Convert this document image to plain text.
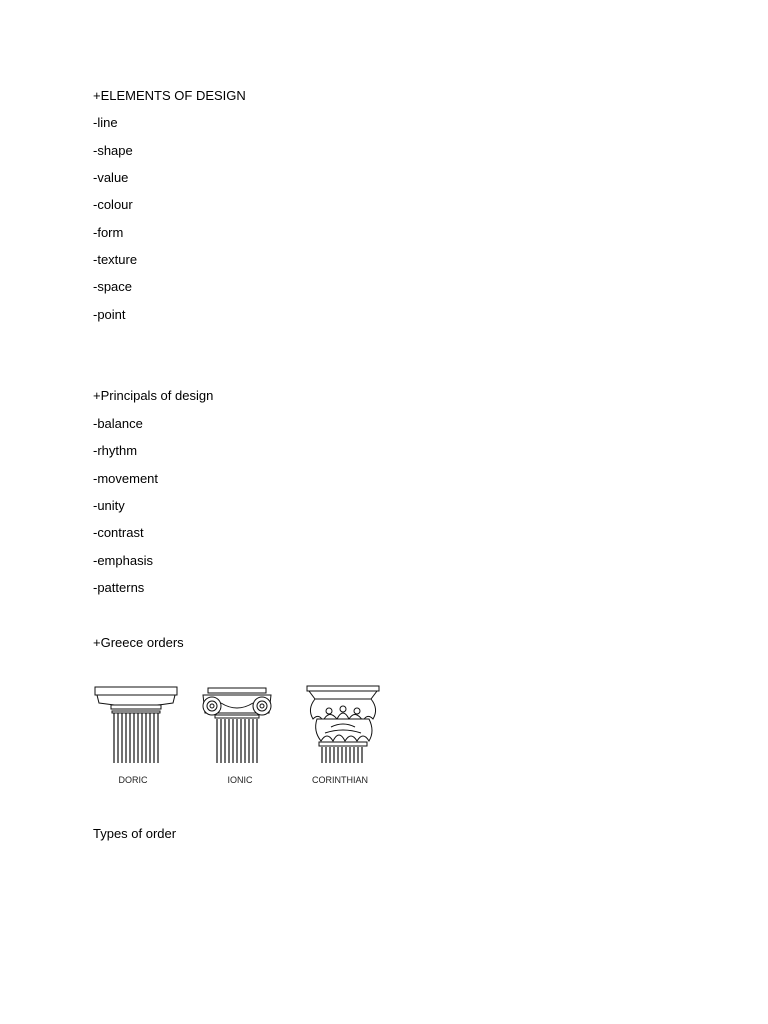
+ELEMENTS OF DESIGN
-line
-shape
-value
-colour
-form
-texture
-space
-point
+Principals of design
-balance
-rhythm
-movement
-unity
-contrast
-emphasis
-patterns
+Greece orders
DORIC	IONIC	CORINTHIAN
Types of order
